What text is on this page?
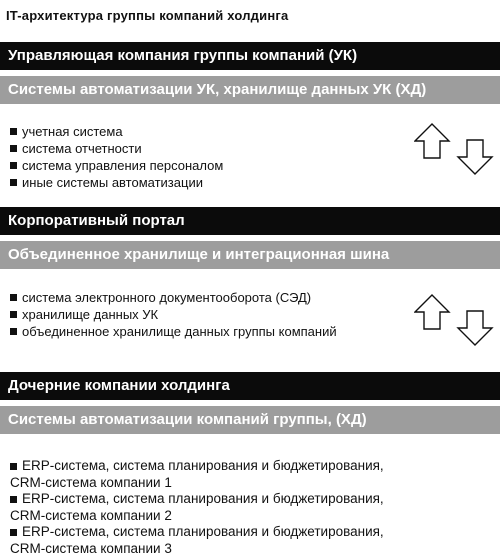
IT-архитектура группы компаний холдинга
Управляющая компания группы компаний (УК)
Системы автоматизации УК, хранилище данных УК (ХД)
учетная система
система отчетности
система управления персоналом
иные системы автоматизации
Корпоративный портал
Объединенное хранилище и интеграционная шина
система электронного документооборота (СЭД)
хранилище данных УК
объединенное хранилище данных группы компаний
Дочерние компании холдинга
Системы автоматизации компаний группы, (ХД)
ERP-система, система планирования и бюджетирования,
CRM-система компании 1
ERP-система, система планирования и бюджетирования,
CRM-система компании 2
ERP-система, система планирования и бюджетирования,
CRM-система компании 3
